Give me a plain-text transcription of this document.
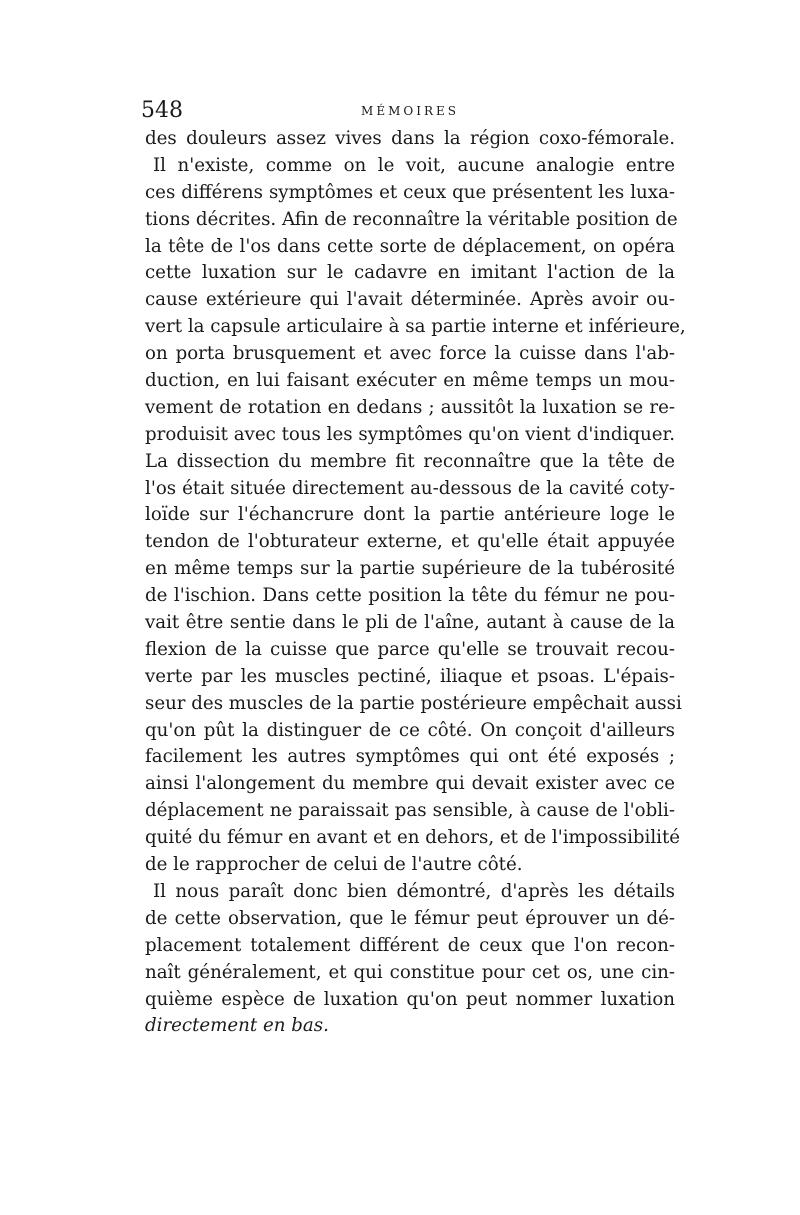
548	MÉMOIRES
des douleurs assez vives dans la région coxo-fémorale.
Il n'existe, comme on le voit, aucune analogie entre
ces différens symptômes et ceux que présentent les luxa-
tions décrites. Afin de reconnaître la véritable position de
la tête de l'os dans cette sorte de déplacement, on opéra
cette luxation sur le cadavre en imitant l'action de la
cause extérieure qui l'avait déterminée. Après avoir ou-
vert la capsule articulaire à sa partie interne et inférieure,
on porta brusquement et avec force la cuisse dans l'ab-
duction, en lui faisant exécuter en même temps un mou-
vement de rotation en dedans ; aussitôt la luxation se re-
produisit avec tous les symptômes qu'on vient d'indiquer.
La dissection du membre fit reconnaître que la tête de
l'os était située directement au-dessous de la cavité coty-
loïde sur l'échancrure dont la partie antérieure loge le
tendon de l'obturateur externe, et qu'elle était appuyée
en même temps sur la partie supérieure de la tubérosité
de l'ischion. Dans cette position la tête du fémur ne pou-
vait être sentie dans le pli de l'aîne, autant à cause de la
flexion de la cuisse que parce qu'elle se trouvait recou-
verte par les muscles pectiné, iliaque et psoas. L'épais-
seur des muscles de la partie postérieure empêchait aussi
qu'on pût la distinguer de ce côté. On conçoit d'ailleurs
facilement les autres symptômes qui ont été exposés ;
ainsi l'alongement du membre qui devait exister avec ce
déplacement ne paraissait pas sensible, à cause de l'obli-
quité du fémur en avant et en dehors, et de l'impossibilité
de le rapprocher de celui de l'autre côté.
Il nous paraît donc bien démontré, d'après les détails
de cette observation, que le fémur peut éprouver un dé-
placement totalement différent de ceux que l'on recon-
naît généralement, et qui constitue pour cet os, une cin-
quième espèce de luxation qu'on peut nommer luxation
directement en bas.
